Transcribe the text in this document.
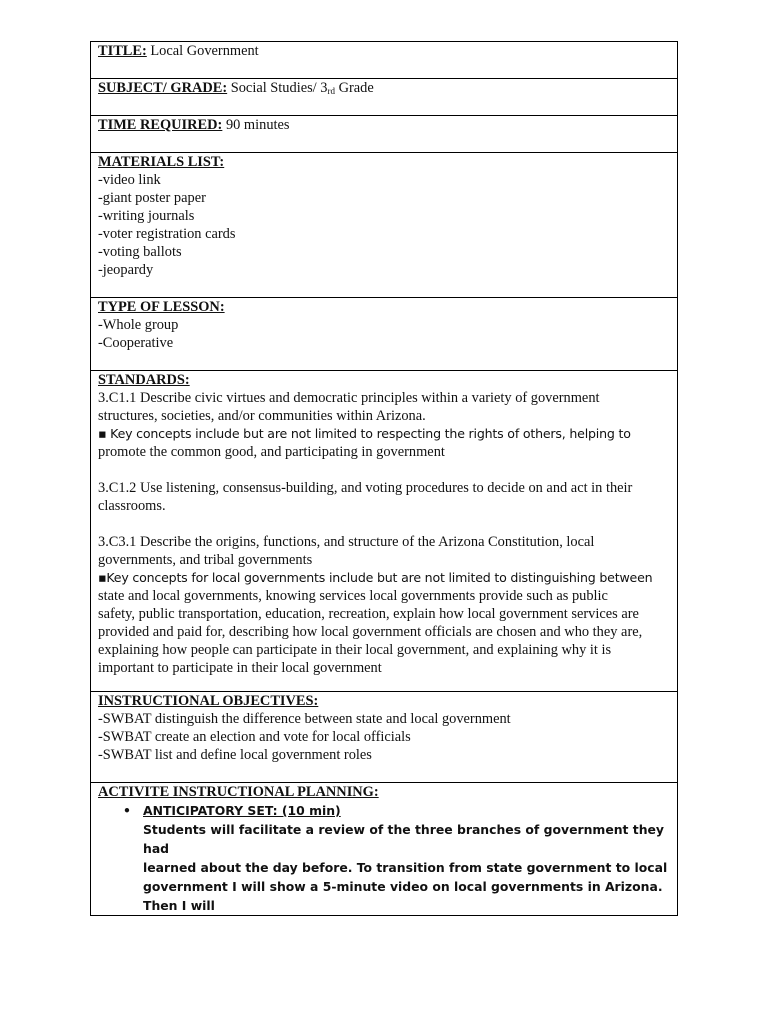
TITLE: Local Government
SUBJECT/ GRADE: Social Studies/ $3_{rd}$ Grade
TIME REQUIRED: 90 minutes

MATERIALS LIST:
-video link
-giant poster paper
-writing journals
-voter registration cards
-voting ballots
-jeopardy

TYPE OF LESSON:
-Whole group
-Cooperative

STANDARDS:
3.C1.1 Describe civic virtues and democratic principles within a variety of government
structures, societies, and/or communities within Arizona.
▪ Key concepts include but are not limited to respecting the rights of others, helping to
promote the common good, and participating in government
3.C1.2 Use listening, consensus-building, and voting procedures to decide on and act in their
classrooms.
3.C3.1 Describe the origins, functions, and structure of the Arizona Constitution, local
governments, and tribal governments
▪Key concepts for local governments include but are not limited to distinguishing between
state and local governments, knowing services local governments provide such as public
safety, public transportation, education, recreation, explain how local government services are
provided and paid for, describing how local government officials are chosen and who they are,
explaining how people can participate in their local government, and explaining why it is
important to participate in their local government

INSTRUCTIONAL OBJECTIVES:
-SWBAT distinguish the difference between state and local government
-SWBAT create an election and vote for local officials
-SWBAT list and define local government roles

ACTIVITE INSTRUCTIONAL PLANNING:
• ANTICIPATORY SET: (10 min)
Students will facilitate a review of the three branches of government they had
learned about the day before. To transition from state government to local
government I will show a 5-minute video on local governments in Arizona. Then I will
